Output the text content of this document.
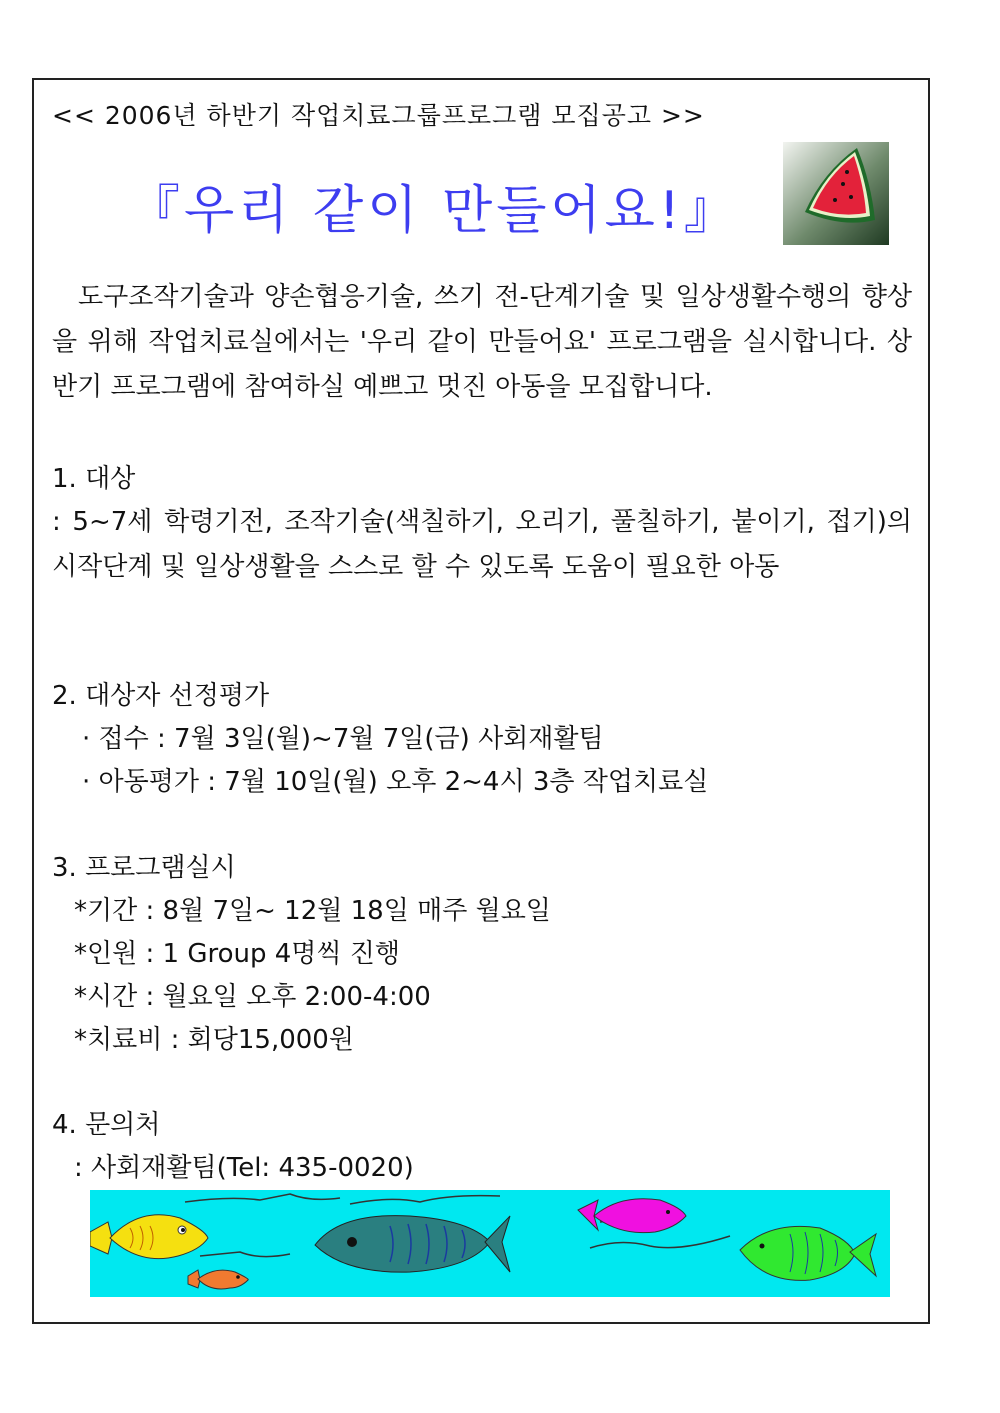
<< 2006년 하반기 작업치료그룹프로그램 모집공고 >>
『우리 같이 만들어요!』
도구조작기술과 양손협응기술, 쓰기 전-단계기술 및 일상생활수행의 향상을 위해 작업치료실에서는 '우리 같이 만들어요' 프로그램을 실시합니다. 상반기 프로그램에 참여하실 예쁘고 멋진 아동을 모집합니다.
1. 대상
: 5~7세 학령기전, 조작기술(색칠하기, 오리기, 풀칠하기, 붙이기, 접기)의 시작단계 및 일상생활을 스스로 할 수 있도록 도움이 필요한 아동
2. 대상자 선정평가
· 접수 : 7월 3일(월)~7월 7일(금) 사회재활팀
· 아동평가 : 7월 10일(월) 오후 2~4시 3층 작업치료실
3. 프로그램실시
*기간 : 8월 7일~ 12월 18일 매주 월요일
*인원 : 1 Group 4명씩 진행
*시간 : 월요일 오후 2:00-4:00
*치료비 : 회당15,000원
4. 문의처
: 사회재활팀(Tel: 435-0020)
